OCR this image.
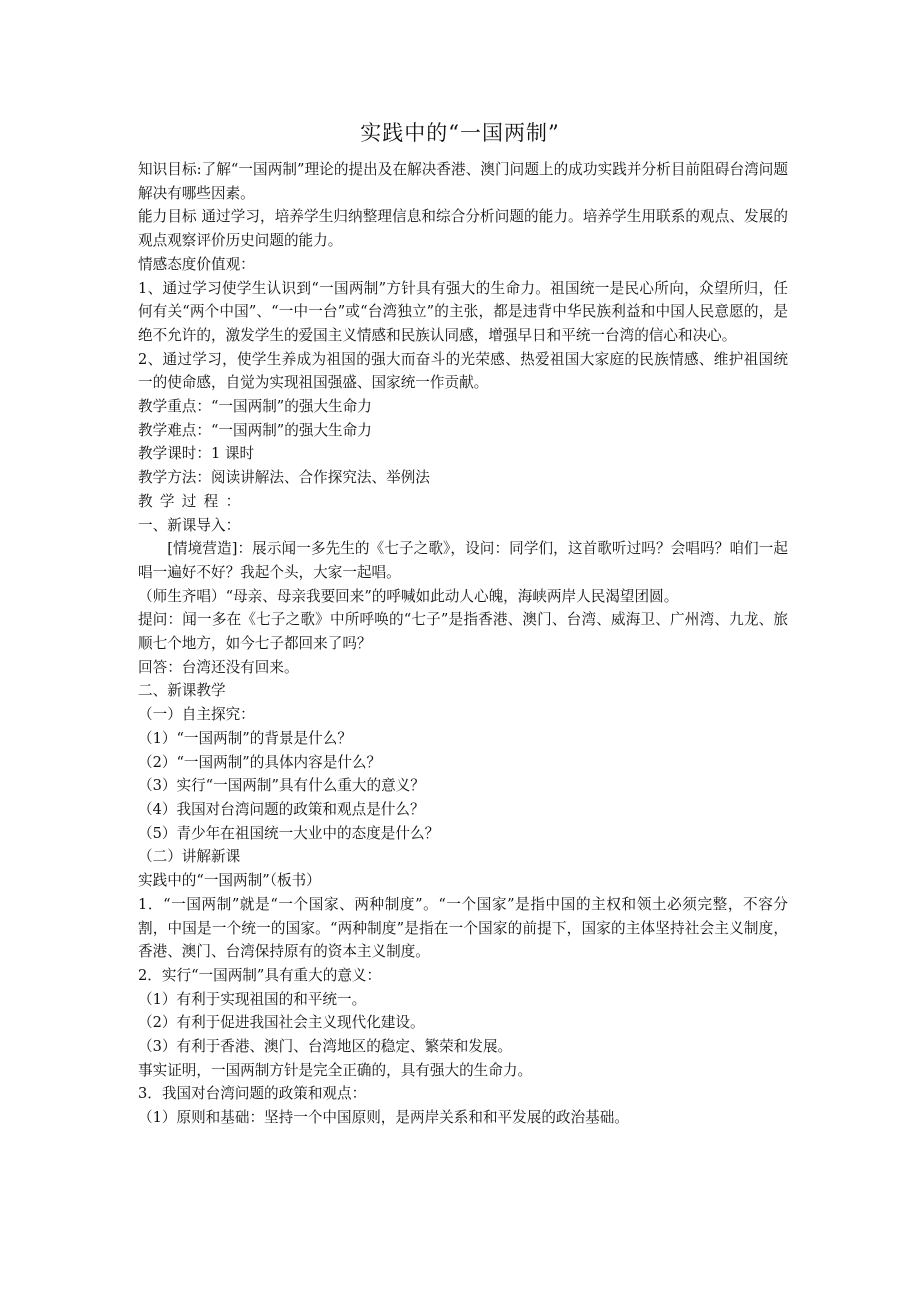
实践中的“一国两制”

知识目标:了解“一国两制”理论的提出及在解决香港、澳门问题上的成功实践并分析目前阻碍台湾问题解决有哪些因素。

能力目标 通过学习，培养学生归纳整理信息和综合分析问题的能力。培养学生用联系的观点、发展的观点观察评价历史问题的能力。

情感态度价值观：

1、通过学习使学生认识到“一国两制”方针具有强大的生命力。祖国统一是民心所向，众望所归，任何有关“两个中国”、“一中一台”或“台湾独立”的主张，都是违背中华民族利益和中国人民意愿的，是绝不允许的，激发学生的爱国主义情感和民族认同感，增强早日和平统一台湾的信心和决心。

2、通过学习，使学生养成为祖国的强大而奋斗的光荣感、热爱祖国大家庭的民族情感、维护祖国统一的使命感，自觉为实现祖国强盛、国家统一作贡献。

教学重点：“一国两制”的强大生命力

教学难点：“一国两制”的强大生命力

教学课时：1 课时

教学方法：阅读讲解法、合作探究法、举例法

教学过程：

一、新课导入：

[情境营造]：展示闻一多先生的《七子之歌》，设问：同学们，这首歌听过吗？会唱吗？咱们一起唱一遍好不好？我起个头，大家一起唱。

（师生齐唱）“母亲、母亲我要回来”的呼喊如此动人心魄，海峡两岸人民渴望团圆。

提问：闻一多在《七子之歌》中所呼唤的“七子”是指香港、澳门、台湾、威海卫、广州湾、九龙、旅顺七个地方，如今七子都回来了吗？

回答：台湾还没有回来。

二、新课教学

（一）自主探究：

（1）“一国两制”的背景是什么？

（2）“一国两制”的具体内容是什么？

（3）实行“一国两制”具有什么重大的意义？

（4）我国对台湾问题的政策和观点是什么？

（5）青少年在祖国统一大业中的态度是什么？

（二）讲解新课

实践中的“一国两制”（板书）

1．“一国两制”就是“一个国家、两种制度”。“一个国家”是指中国的主权和领土必须完整，不容分割，中国是一个统一的国家。“两种制度”是指在一个国家的前提下，国家的主体坚持社会主义制度，香港、澳门、台湾保持原有的资本主义制度。

2．实行“一国两制”具有重大的意义：

（1）有利于实现祖国的和平统一。

（2）有利于促进我国社会主义现代化建设。

（3）有利于香港、澳门、台湾地区的稳定、繁荣和发展。

事实证明，一国两制方针是完全正确的，具有强大的生命力。

3．我国对台湾问题的政策和观点：

（1）原则和基础：坚持一个中国原则，是两岸关系和和平发展的政治基础。
